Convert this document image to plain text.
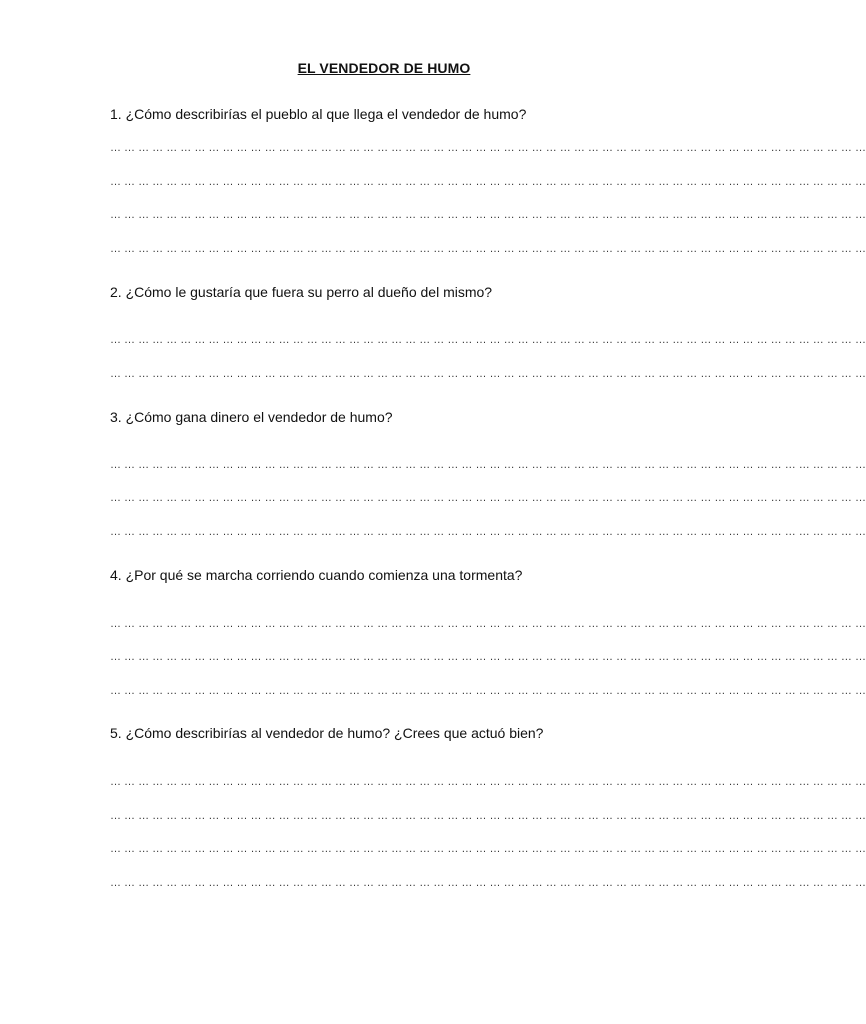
EL VENDEDOR DE HUMO
1. ¿Cómo describirías el pueblo al que llega el vendedor de humo?
… … … … … … … … … … … … … … … … … … … … … … … … … … … … … … … … … … … … … … … … … … … … … … … … … … … … … …
… … … … … … … … … … … … … … … … … … … … … … … … … … … … … … … … … … … … … … … … … … … … … … … … … … … … … …
… … … … … … … … … … … … … … … … … … … … … … … … … … … … … … … … … … … … … … … … … … … … … … … … … … … … … …
… … … … … … … … … … … … … … … … … … … … … … … … … … … … … … … … … … … … … … … … … … … … … … … … … … … … … …
2. ¿Cómo le gustaría que fuera su perro al dueño del mismo?
… … … … … … … … … … … … … … … … … … … … … … … … … … … … … … … … … … … … … … … … … … … … … … … … … … … … … …
… … … … … … … … … … … … … … … … … … … … … … … … … … … … … … … … … … … … … … … … … … … … … … … … … … … … … …
3. ¿Cómo gana dinero el vendedor de humo?
… … … … … … … … … … … … … … … … … … … … … … … … … … … … … … … … … … … … … … … … … … … … … … … … … … … … … …
… … … … … … … … … … … … … … … … … … … … … … … … … … … … … … … … … … … … … … … … … … … … … … … … … … … … … …
… … … … … … … … … … … … … … … … … … … … … … … … … … … … … … … … … … … … … … … … … … … … … … … … … … … … … …
4. ¿Por qué se marcha corriendo cuando comienza una tormenta?
… … … … … … … … … … … … … … … … … … … … … … … … … … … … … … … … … … … … … … … … … … … … … … … … … … … … … …
… … … … … … … … … … … … … … … … … … … … … … … … … … … … … … … … … … … … … … … … … … … … … … … … … … … … … …
… … … … … … … … … … … … … … … … … … … … … … … … … … … … … … … … … … … … … … … … … … … … … … … … … … … … … …
5. ¿Cómo describirías al vendedor de humo? ¿Crees que actuó bien?
… … … … … … … … … … … … … … … … … … … … … … … … … … … … … … … … … … … … … … … … … … … … … … … … … … … … … …
… … … … … … … … … … … … … … … … … … … … … … … … … … … … … … … … … … … … … … … … … … … … … … … … … … … … … …
… … … … … … … … … … … … … … … … … … … … … … … … … … … … … … … … … … … … … … … … … … … … … … … … … … … … … …
… … … … … … … … … … … … … … … … … … … … … … … … … … … … … … … … … … … … … … … … … … … … … … … … … … … … … …
